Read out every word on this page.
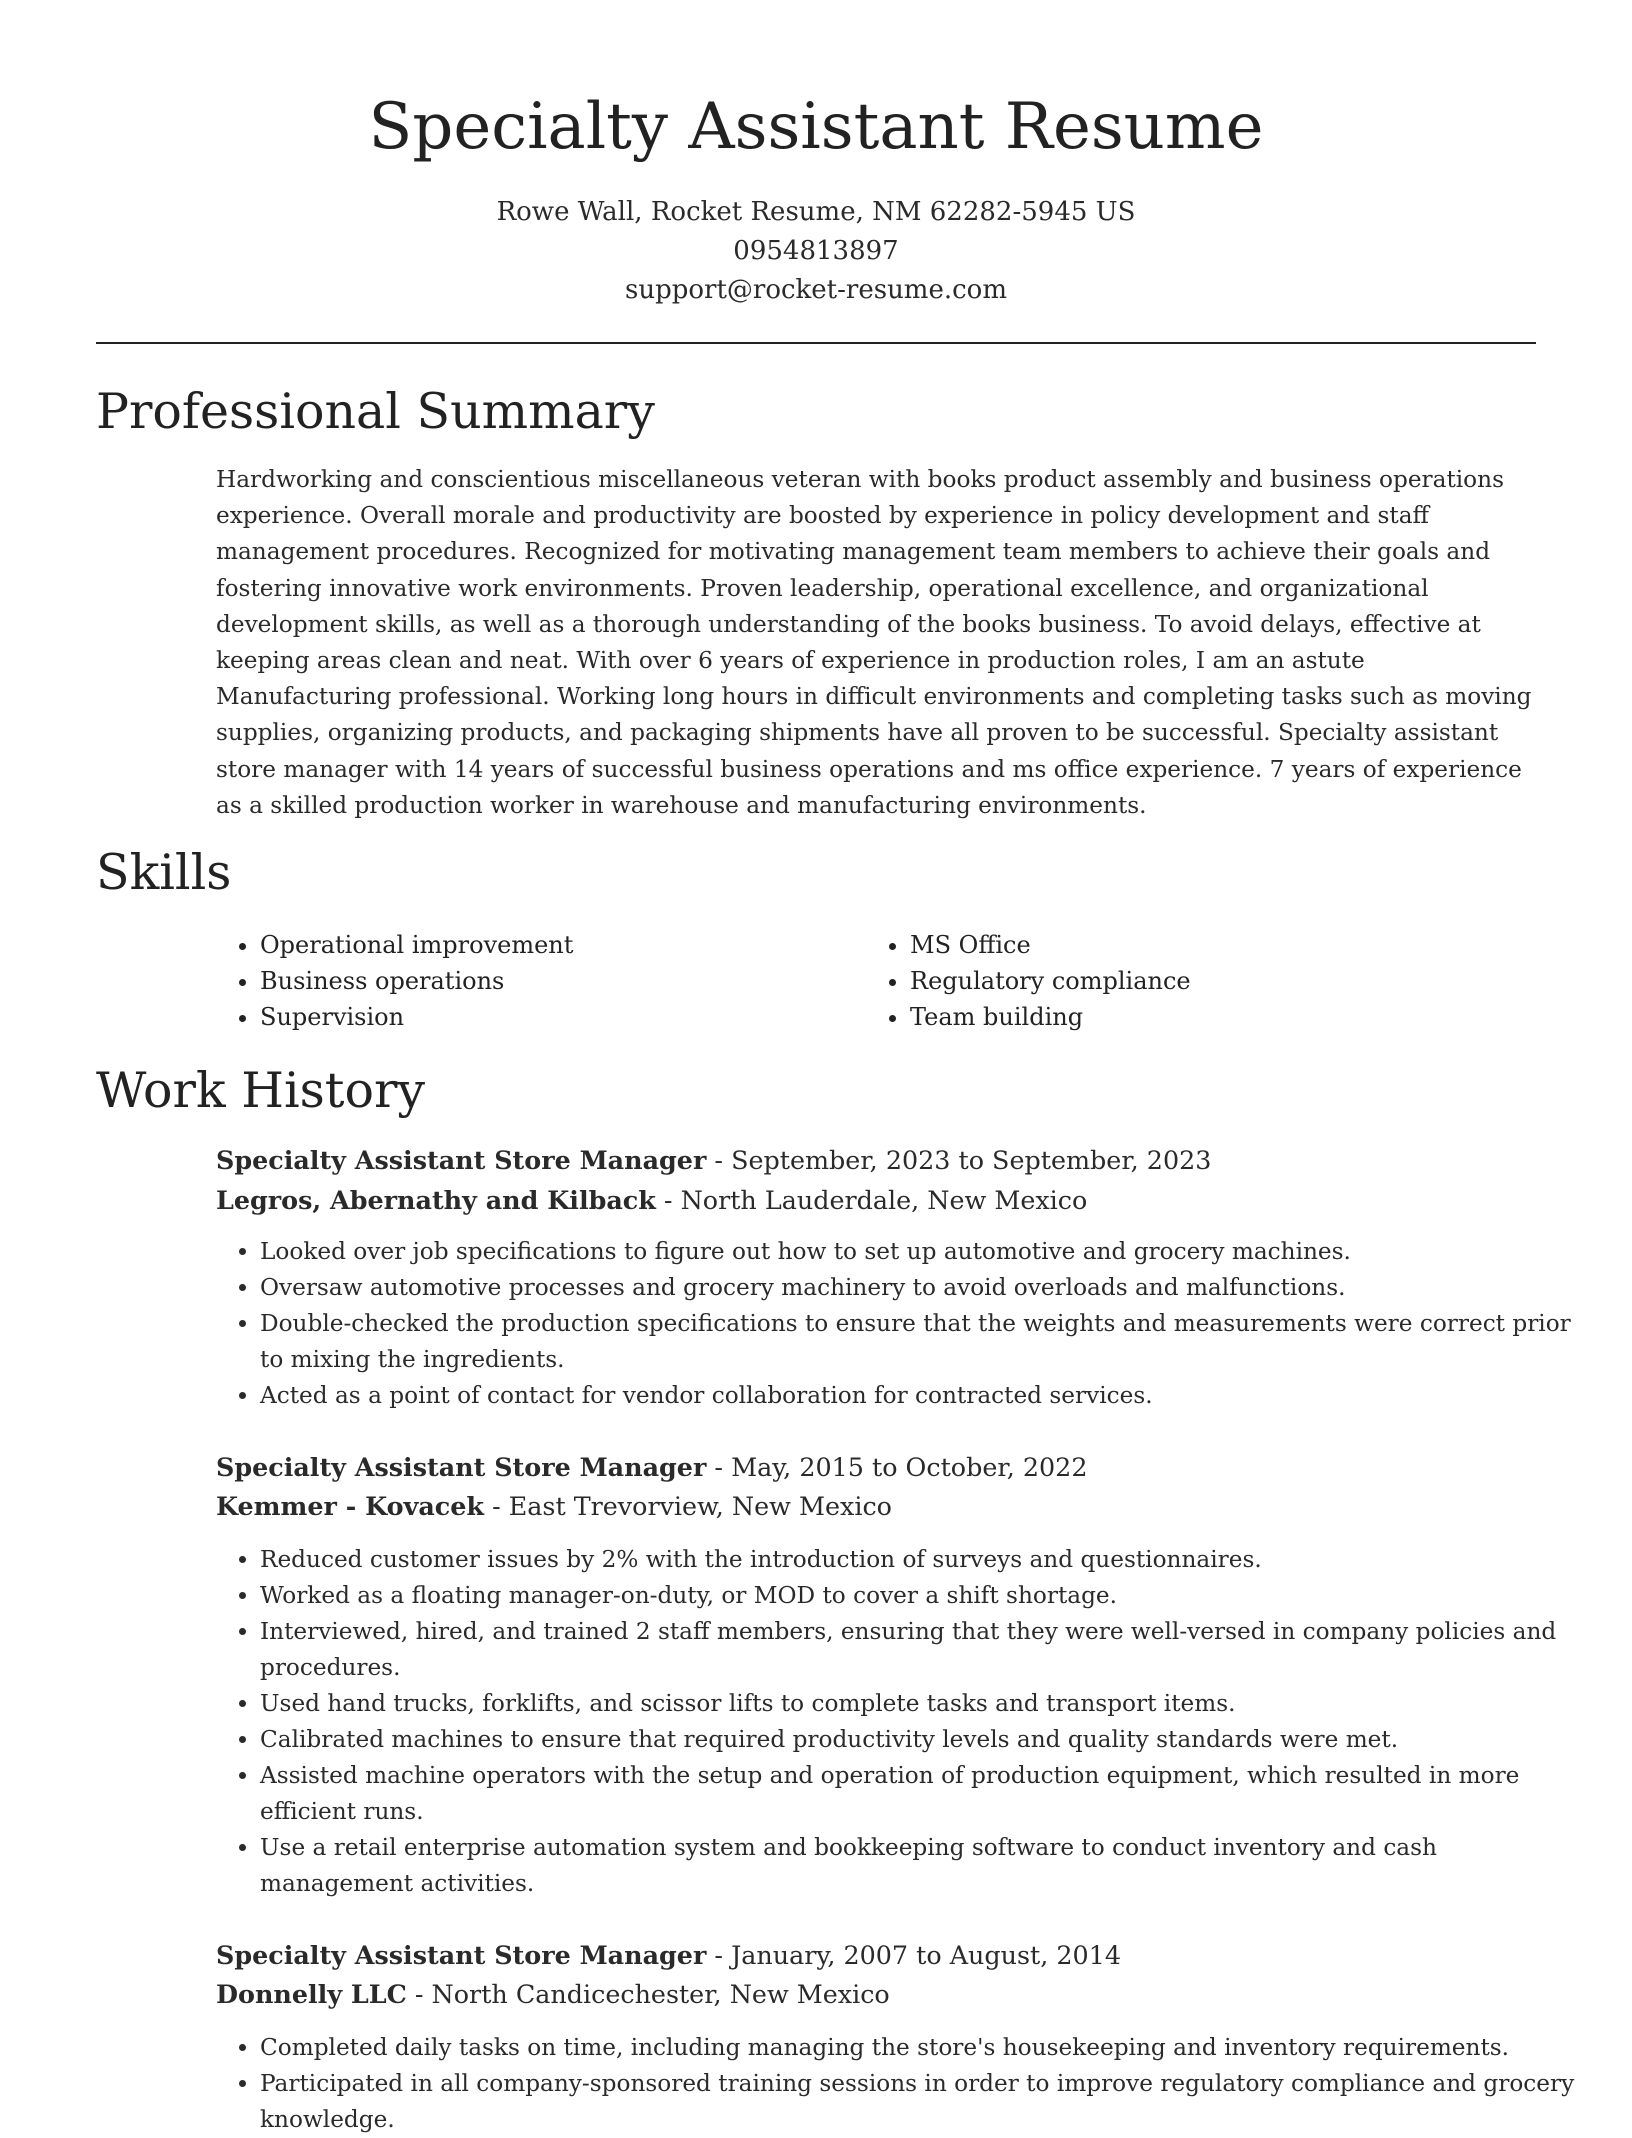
Specialty Assistant Resume
Rowe Wall, Rocket Resume, NM 62282-5945 US
0954813897
support@rocket-resume.com
Professional Summary

Hardworking and conscientious miscellaneous veteran with books product assembly and business operations experience. Overall morale and productivity are boosted by experience in policy development and staff management procedures. Recognized for motivating management team members to achieve their goals and fostering innovative work environments. Proven leadership, operational excellence, and organizational development skills, as well as a thorough understanding of the books business. To avoid delays, effective at keeping areas clean and neat. With over 6 years of experience in production roles, I am an astute Manufacturing professional. Working long hours in difficult environments and completing tasks such as moving supplies, organizing products, and packaging shipments have all proven to be successful. Specialty assistant store manager with 14 years of successful business operations and ms office experience. 7 years of experience as a skilled production worker in warehouse and manufacturing environments.

Skills
• Operational improvement
• Business operations
• Supervision
• MS Office
• Regulatory compliance
• Team building
Work History
Specialty Assistant Store Manager - September, 2023 to September, 2023
Legros, Abernathy and Kilback - North Lauderdale, New Mexico
• Looked over job specifications to figure out how to set up automotive and grocery machines.
• Oversaw automotive processes and grocery machinery to avoid overloads and malfunctions.
• Double-checked the production specifications to ensure that the weights and measurements were correct prior to mixing the ingredients.
• Acted as a point of contact for vendor collaboration for contracted services.
Specialty Assistant Store Manager - May, 2015 to October, 2022
Kemmer - Kovacek - East Trevorview, New Mexico
• Reduced customer issues by 2% with the introduction of surveys and questionnaires.
• Worked as a floating manager-on-duty, or MOD to cover a shift shortage.
• Interviewed, hired, and trained 2 staff members, ensuring that they were well-versed in company policies and procedures.
• Used hand trucks, forklifts, and scissor lifts to complete tasks and transport items.
• Calibrated machines to ensure that required productivity levels and quality standards were met.
• Assisted machine operators with the setup and operation of production equipment, which resulted in more efficient runs.
• Use a retail enterprise automation system and bookkeeping software to conduct inventory and cash management activities.
Specialty Assistant Store Manager - January, 2007 to August, 2014
Donnelly LLC - North Candicechester, New Mexico
• Completed daily tasks on time, including managing the store's housekeeping and inventory requirements.
• Participated in all company-sponsored training sessions in order to improve regulatory compliance and grocery knowledge.
